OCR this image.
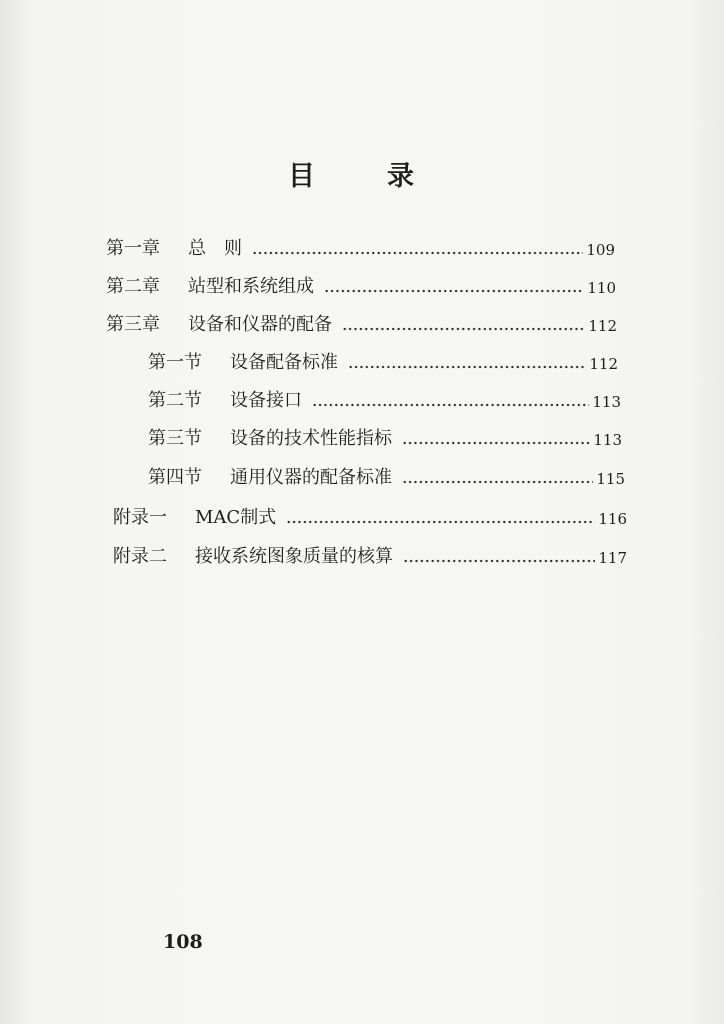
目	录
第一章	总　则	109
第二章	站型和系统组成	110
第三章	设备和仪器的配备	112
第一节	设备配备标准	112
第二节	设备接口	113
第三节	设备的技术性能指标	113
第四节	通用仪器的配备标准	115
附录一	MAC制式	116
附录二	接收系统图象质量的核算	117
108
